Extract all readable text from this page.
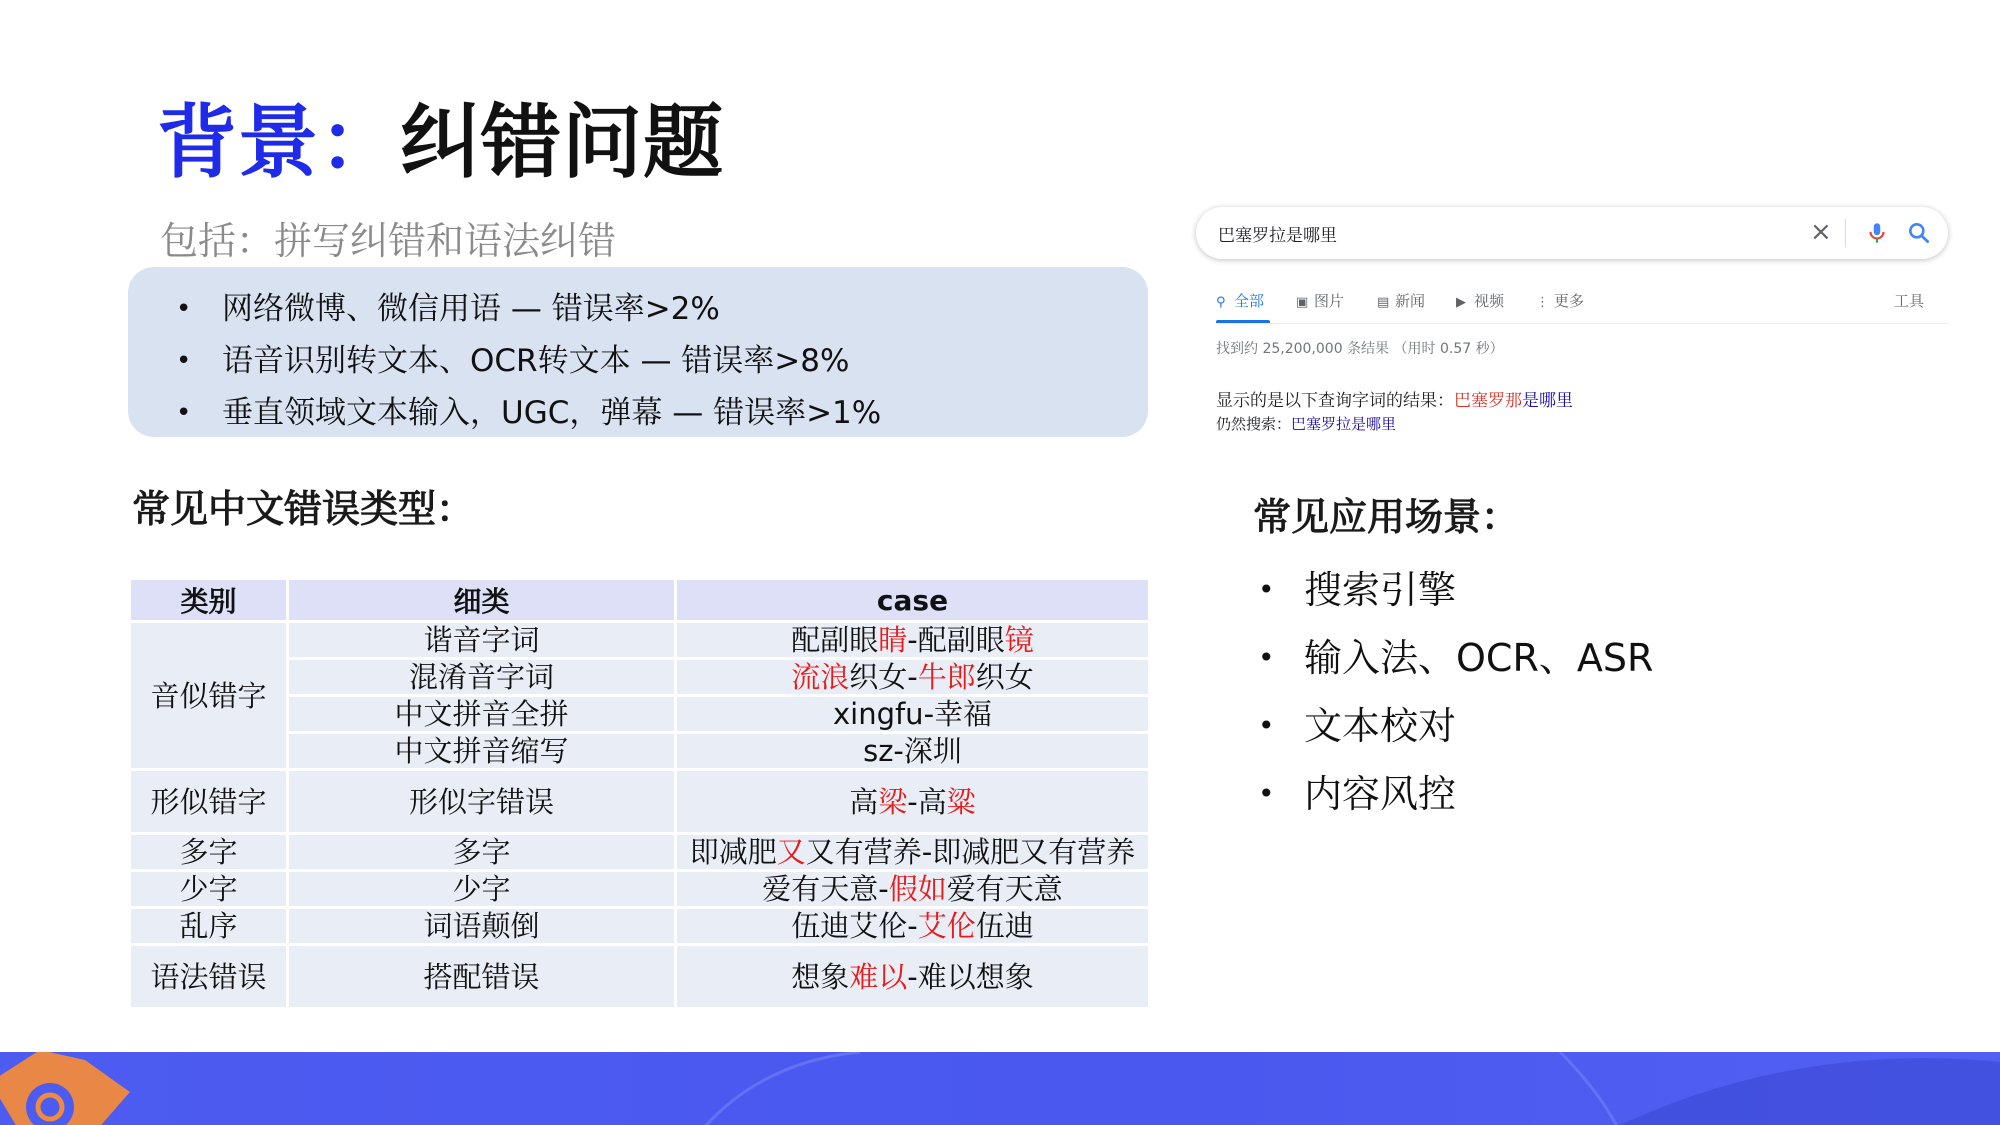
背景：纠错问题
包括：拼写纠错和语法纠错
• 网络微博、微信用语 — 错误率>2%
• 语音识别转文本、OCR转文本 — 错误率>8%
• 垂直领域文本输入，UGC，弹幕 — 错误率>1%
常见中文错误类型：
类别	细类	case
音似错字	谐音字词	配副眼睛-配副眼镜
	混淆音字词	流浪织女-牛郎织女
	中文拼音全拼	xingfu-幸福
	中文拼音缩写	sz-深圳
形似错字	形似字错误	高梁-高粱
多字	多字	即减肥又又有营养-即减肥又有营养
少字	少字	爱有天意-假如爱有天意
乱序	词语颠倒	伍迪艾伦-艾伦伍迪
语法错误	搭配错误	想象难以-难以想象
巴塞罗拉是哪里	×
⚲ 全部 ▣ 图片	▤ 新闻 ▶ 视频 ⋮ 更多	工具
找到约 25,200,000 条结果 （用时 0.57 秒）
显示的是以下查询字词的结果：巴塞罗那是哪里
仍然搜索：巴塞罗拉是哪里
常见应用场景：
• 搜索引擎
• 输入法、OCR、ASR
• 文本校对
• 内容风控
